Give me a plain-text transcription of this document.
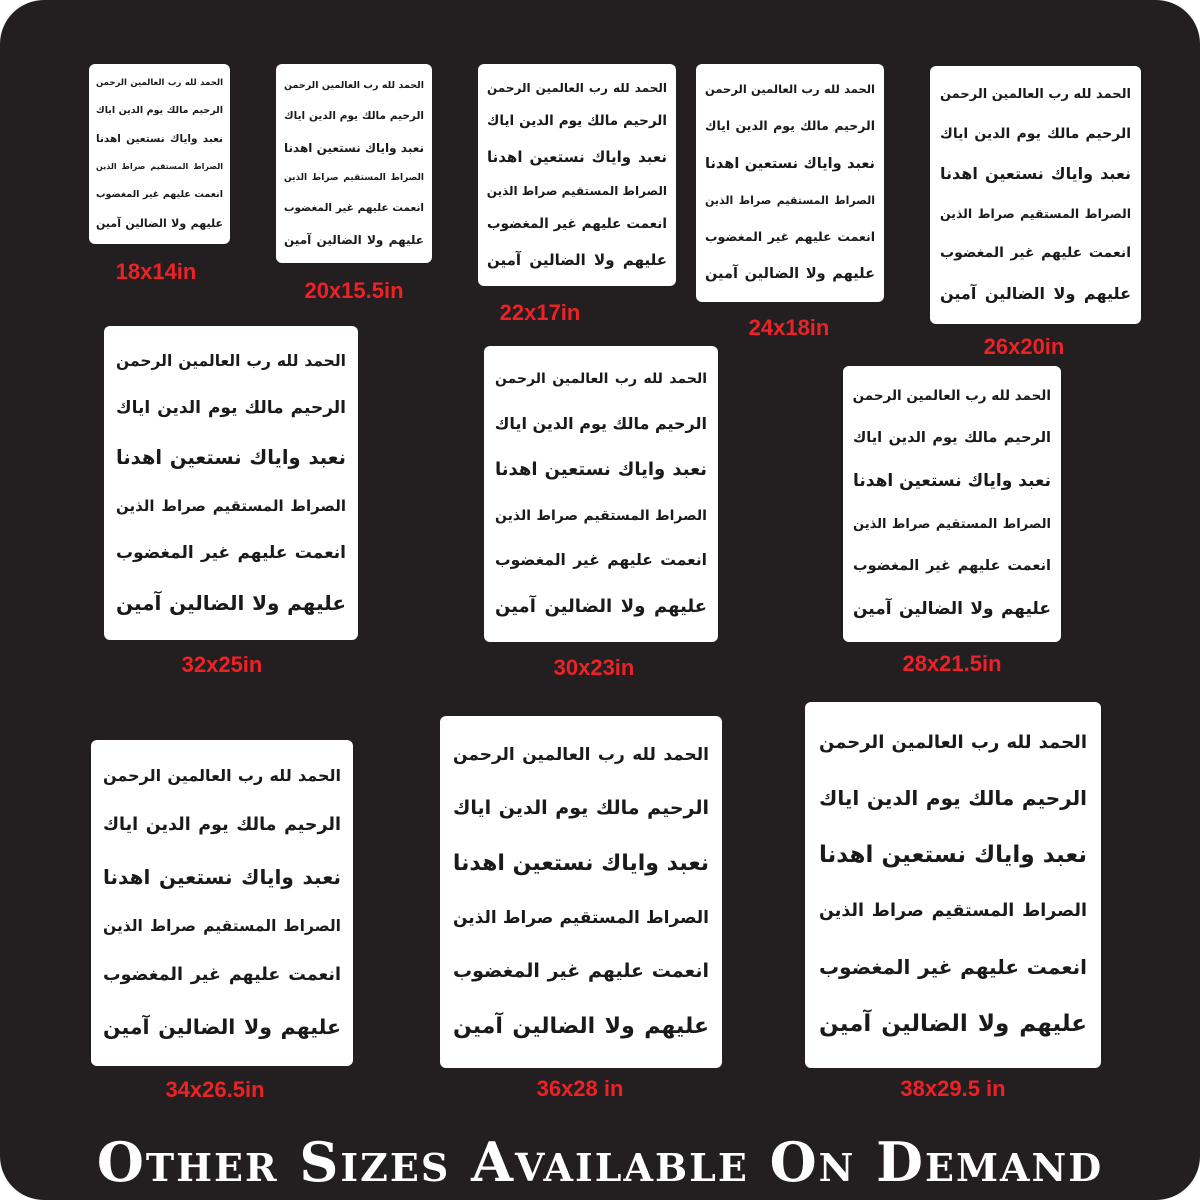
الحمد لله رب العالمين الرحمن
الرحيم مالك يوم الدين اياك
نعبد واياك نستعين اهدنا
الصراط المستقيم صراط الذين
انعمت عليهم غير المغضوب
عليهم ولا الضالين آمين
18x14in
الحمد لله رب العالمين الرحمن
الرحيم مالك يوم الدين اياك
نعبد واياك نستعين اهدنا
الصراط المستقيم صراط الذين
انعمت عليهم غير المغضوب
عليهم ولا الضالين آمين
20x15.5in
الحمد لله رب العالمين الرحمن
الرحيم مالك يوم الدين اياك
نعبد واياك نستعين اهدنا
الصراط المستقيم صراط الذين
انعمت عليهم غير المغضوب
عليهم ولا الضالين آمين
22x17in
الحمد لله رب العالمين الرحمن
الرحيم مالك يوم الدين اياك
نعبد واياك نستعين اهدنا
الصراط المستقيم صراط الذين
انعمت عليهم غير المغضوب
عليهم ولا الضالين آمين
24x18in
الحمد لله رب العالمين الرحمن
الرحيم مالك يوم الدين اياك
نعبد واياك نستعين اهدنا
الصراط المستقيم صراط الذين
انعمت عليهم غير المغضوب
عليهم ولا الضالين آمين
26x20in
الحمد لله رب العالمين الرحمن
الرحيم مالك يوم الدين اياك
نعبد واياك نستعين اهدنا
الصراط المستقيم صراط الذين
انعمت عليهم غير المغضوب
عليهم ولا الضالين آمين
32x25in
الحمد لله رب العالمين الرحمن
الرحيم مالك يوم الدين اياك
نعبد واياك نستعين اهدنا
الصراط المستقيم صراط الذين
انعمت عليهم غير المغضوب
عليهم ولا الضالين آمين
30x23in
الحمد لله رب العالمين الرحمن
الرحيم مالك يوم الدين اياك
نعبد واياك نستعين اهدنا
الصراط المستقيم صراط الذين
انعمت عليهم غير المغضوب
عليهم ولا الضالين آمين
28x21.5in
الحمد لله رب العالمين الرحمن
الرحيم مالك يوم الدين اياك
نعبد واياك نستعين اهدنا
الصراط المستقيم صراط الذين
انعمت عليهم غير المغضوب
عليهم ولا الضالين آمين
34x26.5in
الحمد لله رب العالمين الرحمن
الرحيم مالك يوم الدين اياك
نعبد واياك نستعين اهدنا
الصراط المستقيم صراط الذين
انعمت عليهم غير المغضوب
عليهم ولا الضالين آمين
36x28 in
الحمد لله رب العالمين الرحمن
الرحيم مالك يوم الدين اياك
نعبد واياك نستعين اهدنا
الصراط المستقيم صراط الذين
انعمت عليهم غير المغضوب
عليهم ولا الضالين آمين
38x29.5 in
Other Sizes Available On Demand
